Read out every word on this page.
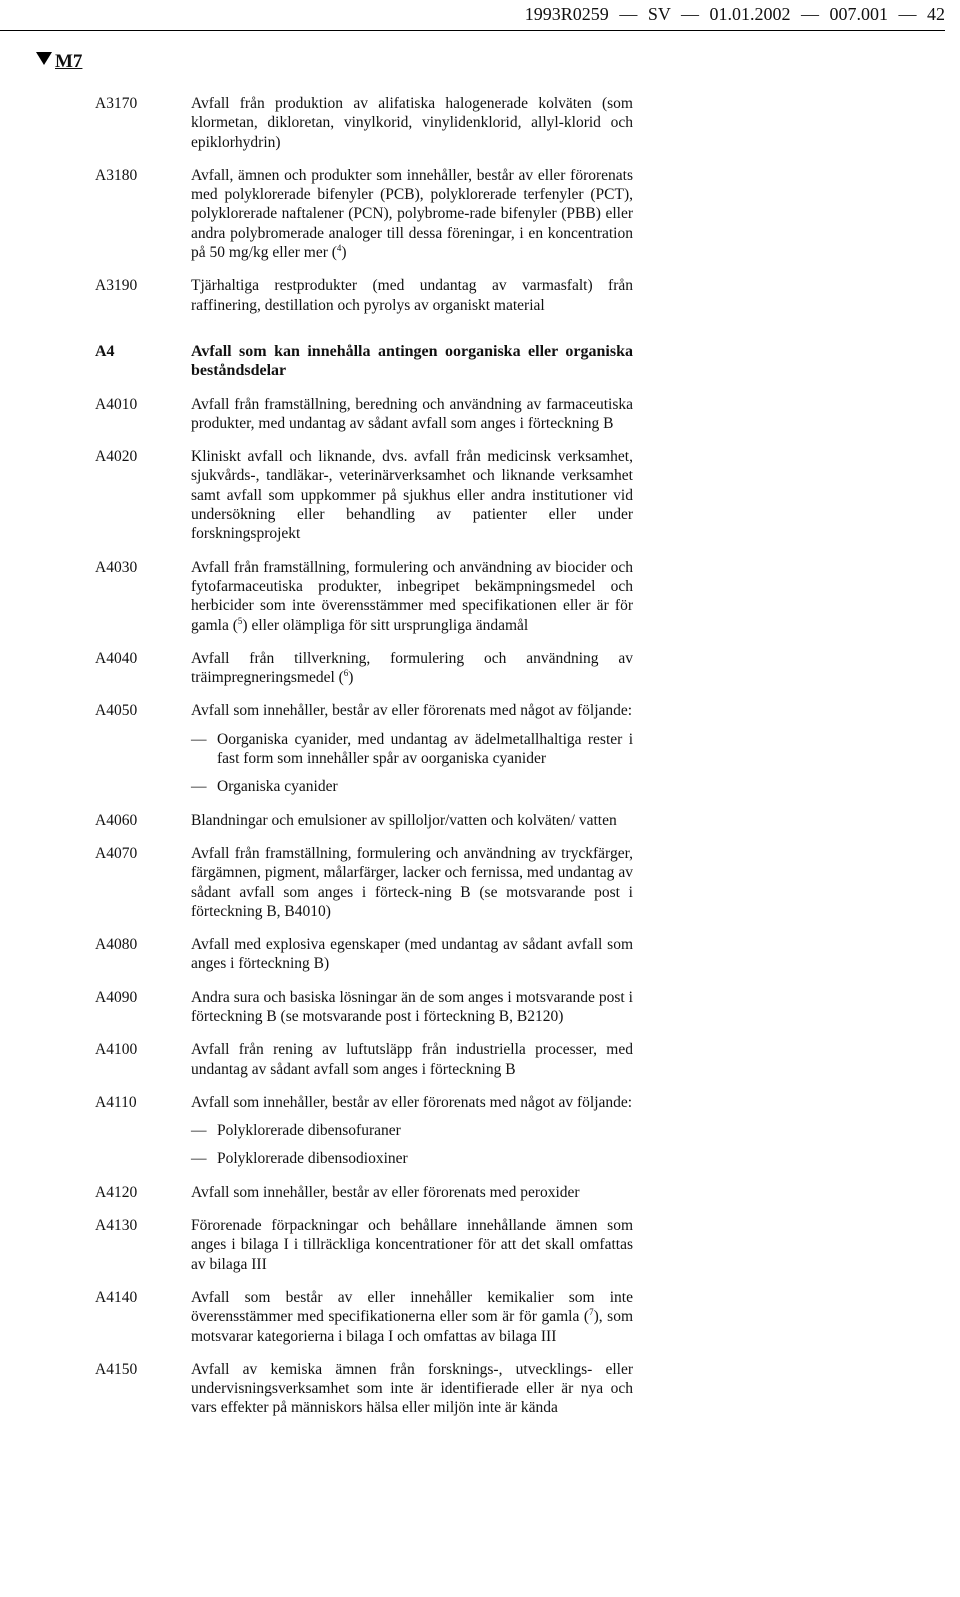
1993R0259 — SV — 01.01.2002 — 007.001 — 42
M7
A3170	Avfall från produktion av alifatiska halogenerade kolväten (som klormetan, dikloretan, vinylkorid, vinylidenklorid, allyl-klorid och epiklorhydrin)
A3180	Avfall, ämnen och produkter som innehåller, består av eller förorenats med polyklorerade bifenyler (PCB), polyklorerade terfenyler (PCT), polyklorerade naftalener (PCN), polybrome-rade bifenyler (PBB) eller andra polybromerade analoger till dessa föreningar, i en koncentration på 50 mg/kg eller mer ($^4$)
A3190	Tjärhaltiga restprodukter (med undantag av varmasfalt) från raffinering, destillation och pyrolys av organiskt material
A4	Avfall som kan innehålla antingen oorganiska eller organiska beståndsdelar
A4010	Avfall från framställning, beredning och användning av farmaceutiska produkter, med undantag av sådant avfall som anges i förteckning B
A4020	Kliniskt avfall och liknande, dvs. avfall från medicinsk verksamhet, sjukvårds-, tandläkar-, veterinärverksamhet och liknande verksamhet samt avfall som uppkommer på sjukhus eller andra institutioner vid undersökning eller behandling av patienter eller under forskningsprojekt
A4030	Avfall från framställning, formulering och användning av biocider och fytofarmaceutiska produkter, inbegripet bekämpningsmedel och herbicider som inte överensstämmer med specifikationen eller är för gamla ($^5$) eller olämpliga för sitt ursprungliga ändamål
A4040	Avfall från tillverkning, formulering och användning av träimpregneringsmedel ($^6$)
A4050	Avfall som innehåller, består av eller förorenats med något av följande:
— Oorganiska cyanider, med undantag av ädelmetallhaltiga rester i fast form som innehåller spår av oorganiska cyanider
— Organiska cyanider
A4060	Blandningar och emulsioner av spilloljor/vatten och kolväten/ vatten
A4070	Avfall från framställning, formulering och användning av tryckfärger, färgämnen, pigment, målarfärger, lacker och fernissa, med undantag av sådant avfall som anges i förteck-ning B (se motsvarande post i förteckning B, B4010)
A4080	Avfall med explosiva egenskaper (med undantag av sådant avfall som anges i förteckning B)
A4090	Andra sura och basiska lösningar än de som anges i motsvarande post i förteckning B (se motsvarande post i förteckning B, B2120)
A4100	Avfall från rening av luftutsläpp från industriella processer, med undantag av sådant avfall som anges i förteckning B
A4110	Avfall som innehåller, består av eller förorenats med något av följande:
— Polyklorerade dibensofuraner
— Polyklorerade dibensodioxiner
A4120	Avfall som innehåller, består av eller förorenats med peroxider
A4130	Förorenade förpackningar och behållare innehållande ämnen som anges i bilaga I i tillräckliga koncentrationer för att det skall omfattas av bilaga III
A4140	Avfall som består av eller innehåller kemikalier som inte överensstämmer med specifikationerna eller som är för gamla ($^7$), som motsvarar kategorierna i bilaga I och omfattas av bilaga III
A4150	Avfall av kemiska ämnen från forsknings-, utvecklings- eller undervisningsverksamhet som inte är identifierade eller är nya och vars effekter på människors hälsa eller miljön inte är kända
